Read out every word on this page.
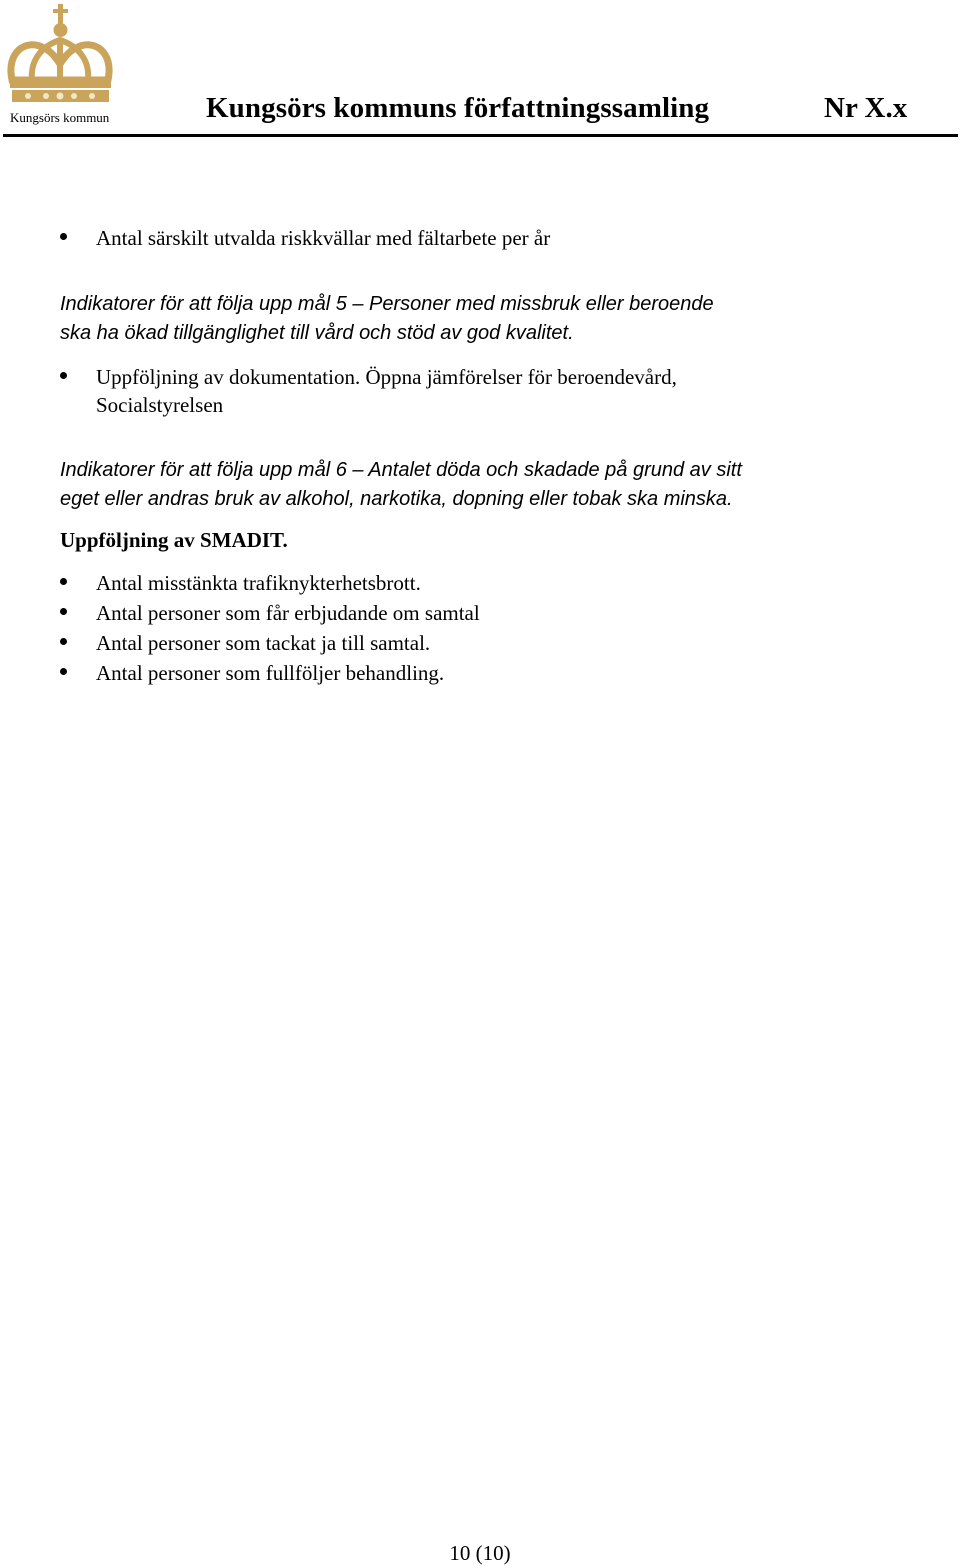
Kungsörs kommun	Kungsörs kommuns författningssamling	Nr X.x
Antal särskilt utvalda riskkvällar med fältarbete per år
Indikatorer för att följa upp mål 5 – Personer med missbruk eller beroende
ska ha ökad tillgänglighet till vård och stöd av god kvalitet.
Uppföljning av dokumentation. Öppna jämförelser för beroendevård,
Socialstyrelsen
Indikatorer för att följa upp mål 6 – Antalet döda och skadade på grund av sitt
eget eller andras bruk av alkohol, narkotika, dopning eller tobak ska minska.
Uppföljning av SMADIT.
Antal misstänkta trafiknykterhetsbrott.
Antal personer som får erbjudande om samtal
Antal personer som tackat ja till samtal.
Antal personer som fullföljer behandling.
10 (10)
